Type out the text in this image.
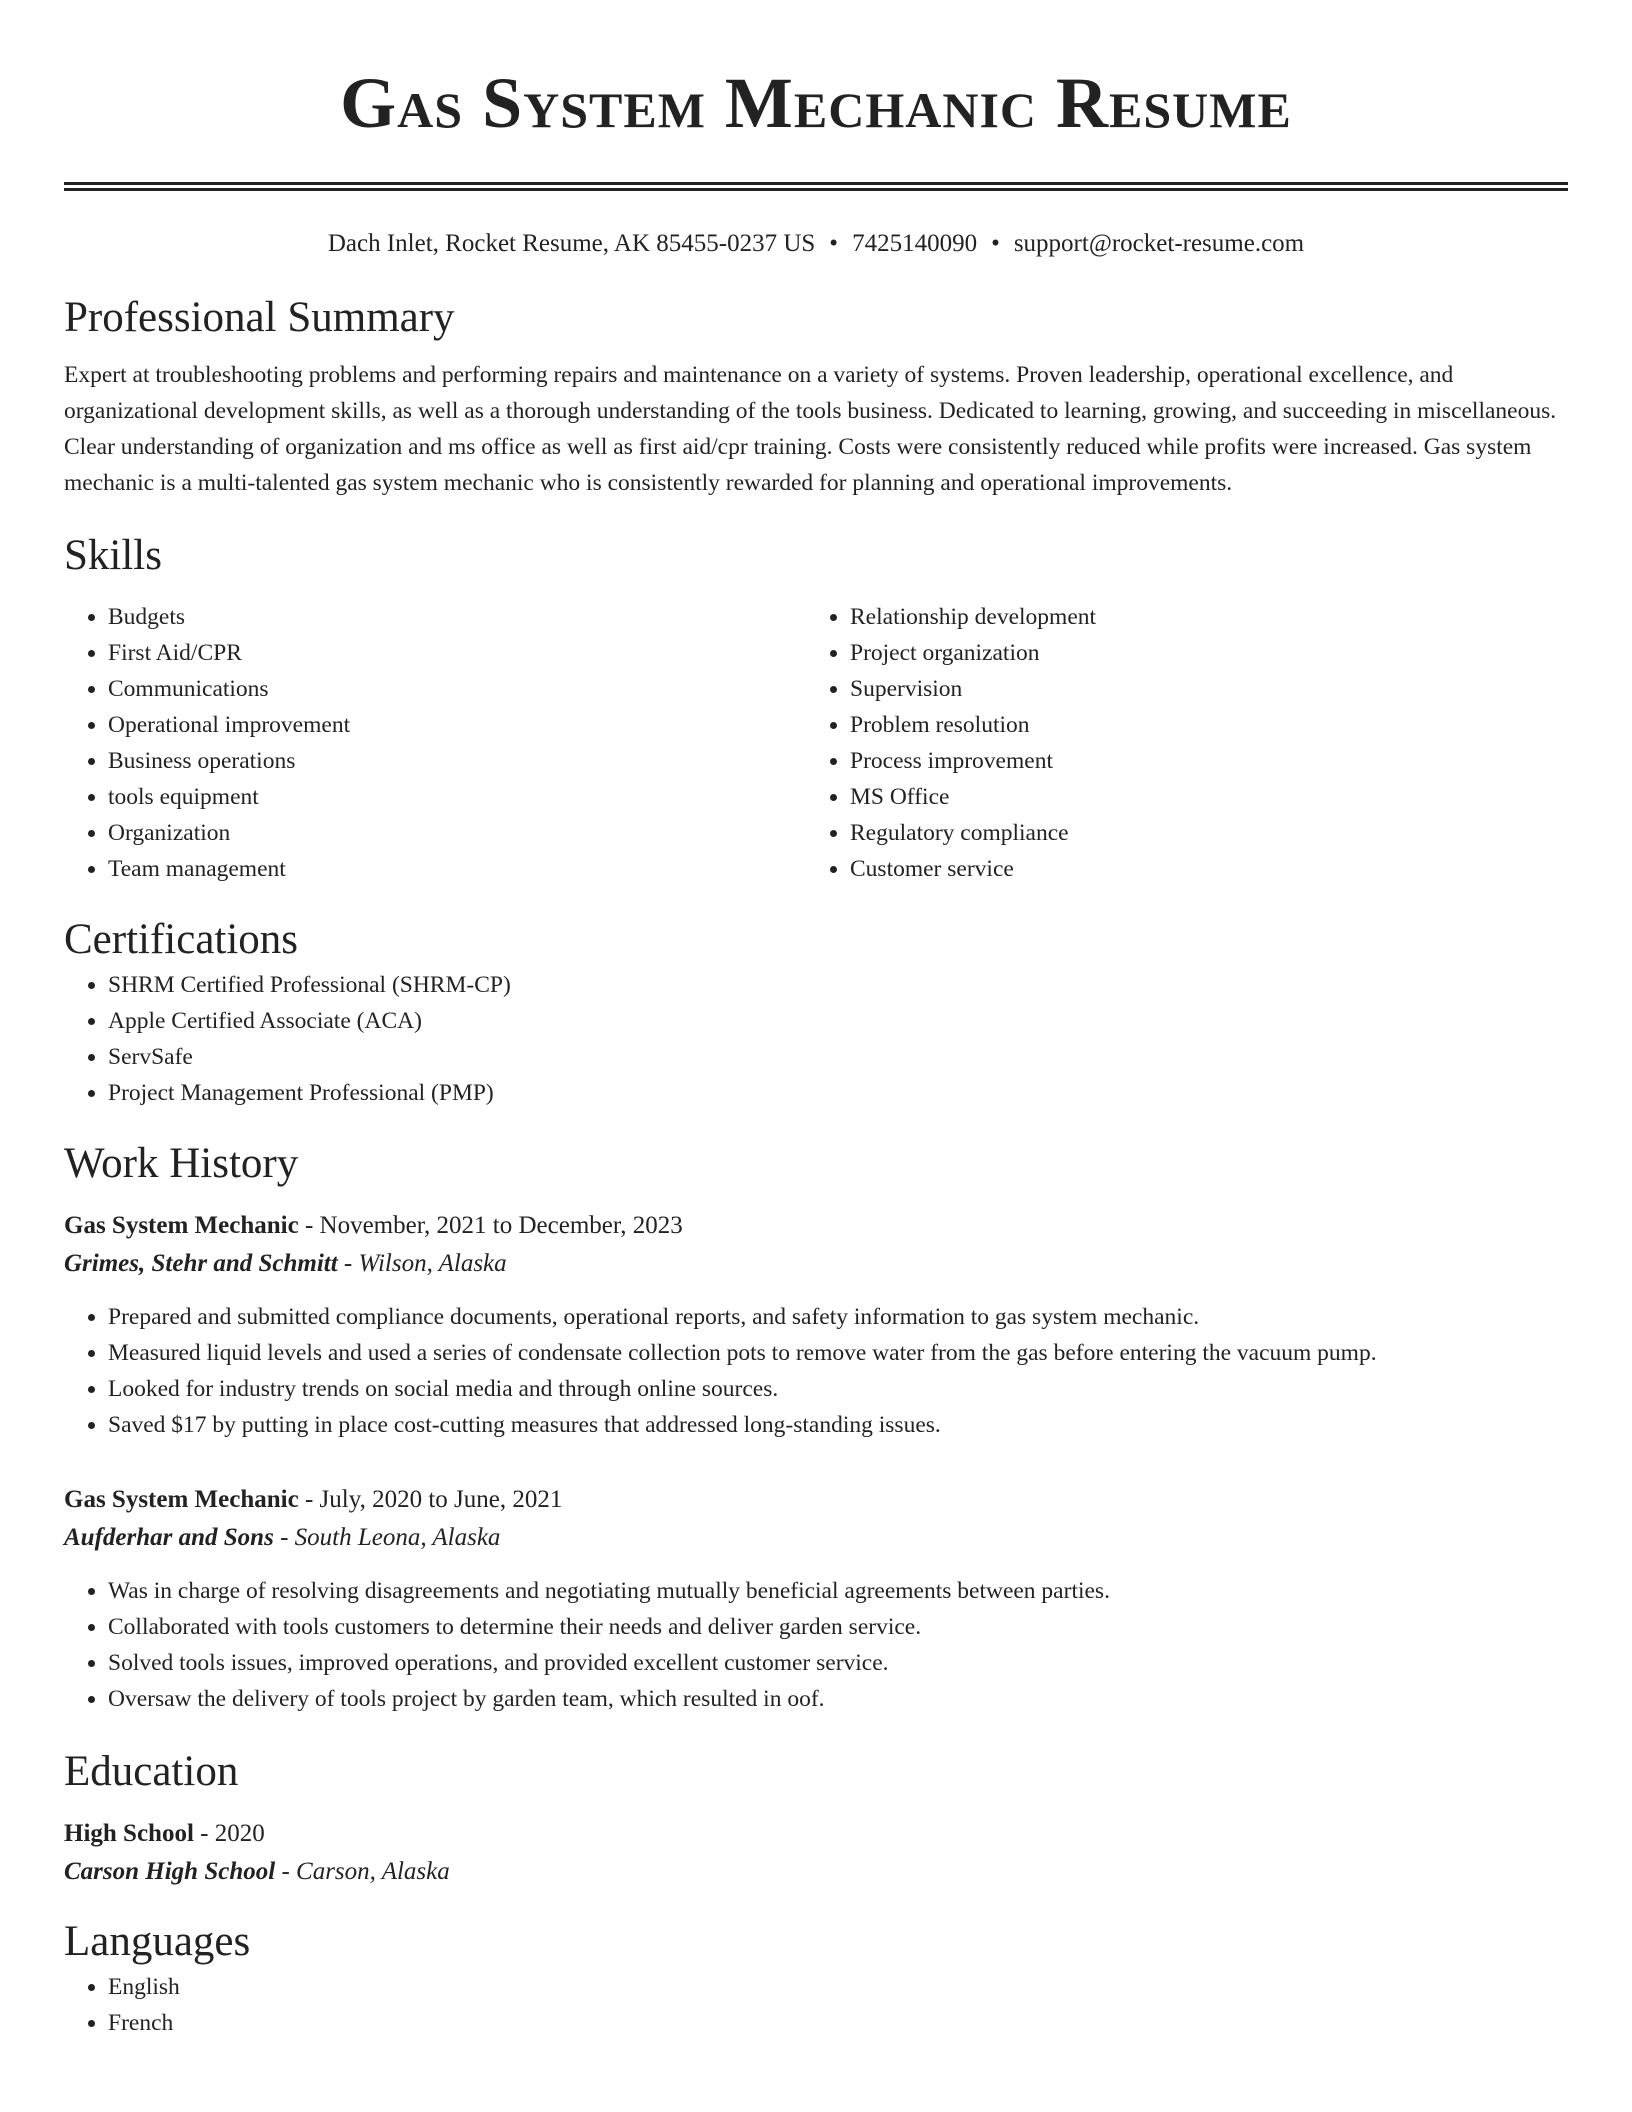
Gas System Mechanic Resume
Dach Inlet, Rocket Resume, AK 85455-0237 US • 7425140090 • support@rocket-resume.com
Professional Summary

Expert at troubleshooting problems and performing repairs and maintenance on a variety of systems. Proven leadership, operational excellence, and organizational development skills, as well as a thorough understanding of the tools business. Dedicated to learning, growing, and succeeding in miscellaneous. Clear understanding of organization and ms office as well as first aid/cpr training. Costs were consistently reduced while profits were increased. Gas system mechanic is a multi-talented gas system mechanic who is consistently rewarded for planning and operational improvements.

Skills
• Budgets
• First Aid/CPR
• Communications
• Operational improvement
• Business operations
• tools equipment
• Organization
• Team management
• Relationship development
• Project organization
• Supervision
• Problem resolution
• Process improvement
• MS Office
• Regulatory compliance
• Customer service
Certifications
• SHRM Certified Professional (SHRM-CP)
• Apple Certified Associate (ACA)
• ServSafe
• Project Management Professional (PMP)
Work History
Gas System Mechanic - November, 2021 to December, 2023
Grimes, Stehr and Schmitt - Wilson, Alaska
• Prepared and submitted compliance documents, operational reports, and safety information to gas system mechanic.
• Measured liquid levels and used a series of condensate collection pots to remove water from the gas before entering the vacuum pump.
• Looked for industry trends on social media and through online sources.
• Saved $17 by putting in place cost-cutting measures that addressed long-standing issues.
Gas System Mechanic - July, 2020 to June, 2021
Aufderhar and Sons - South Leona, Alaska
• Was in charge of resolving disagreements and negotiating mutually beneficial agreements between parties.
• Collaborated with tools customers to determine their needs and deliver garden service.
• Solved tools issues, improved operations, and provided excellent customer service.
• Oversaw the delivery of tools project by garden team, which resulted in oof.
Education
High School - 2020
Carson High School - Carson, Alaska
Languages
• English
• French
